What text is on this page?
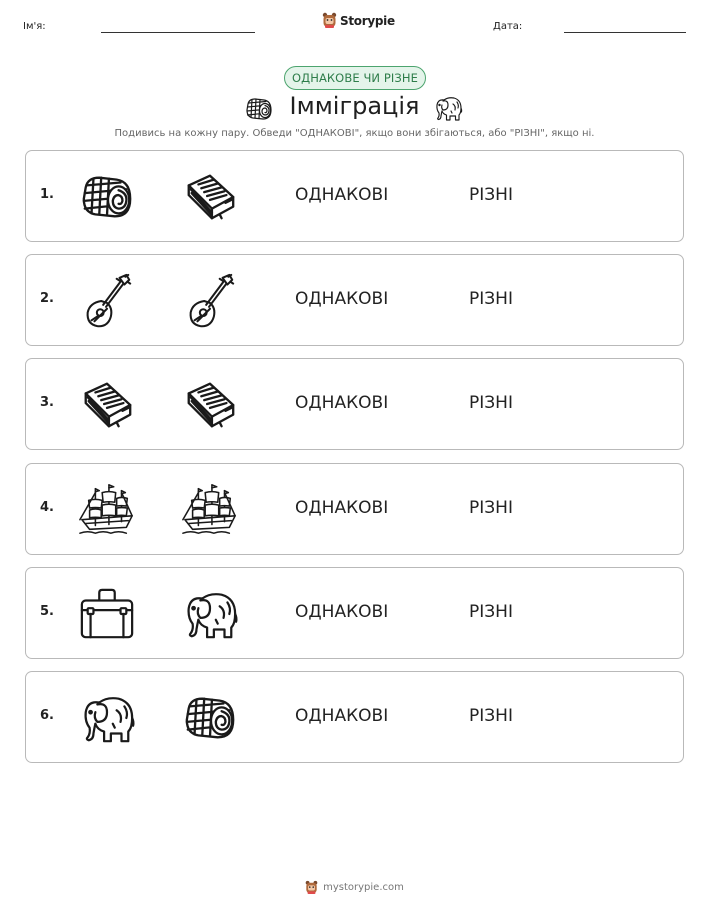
Ім'я:	Storypie	Дата:
ОДНАКОВЕ ЧИ РІЗНЕ
Імміграція
Подивись на кожну пару. Обведи "ОДНАКОВІ", якщо вони збігаються, або "РІЗНІ", якщо ні.
1.	ОДНАКОВІ	РІЗНІ
2.	ОДНАКОВІ	РІЗНІ
3.	ОДНАКОВІ	РІЗНІ
4.	ОДНАКОВІ	РІЗНІ
5.	ОДНАКОВІ	РІЗНІ
6.	ОДНАКОВІ	РІЗНІ
mystorypie.com
